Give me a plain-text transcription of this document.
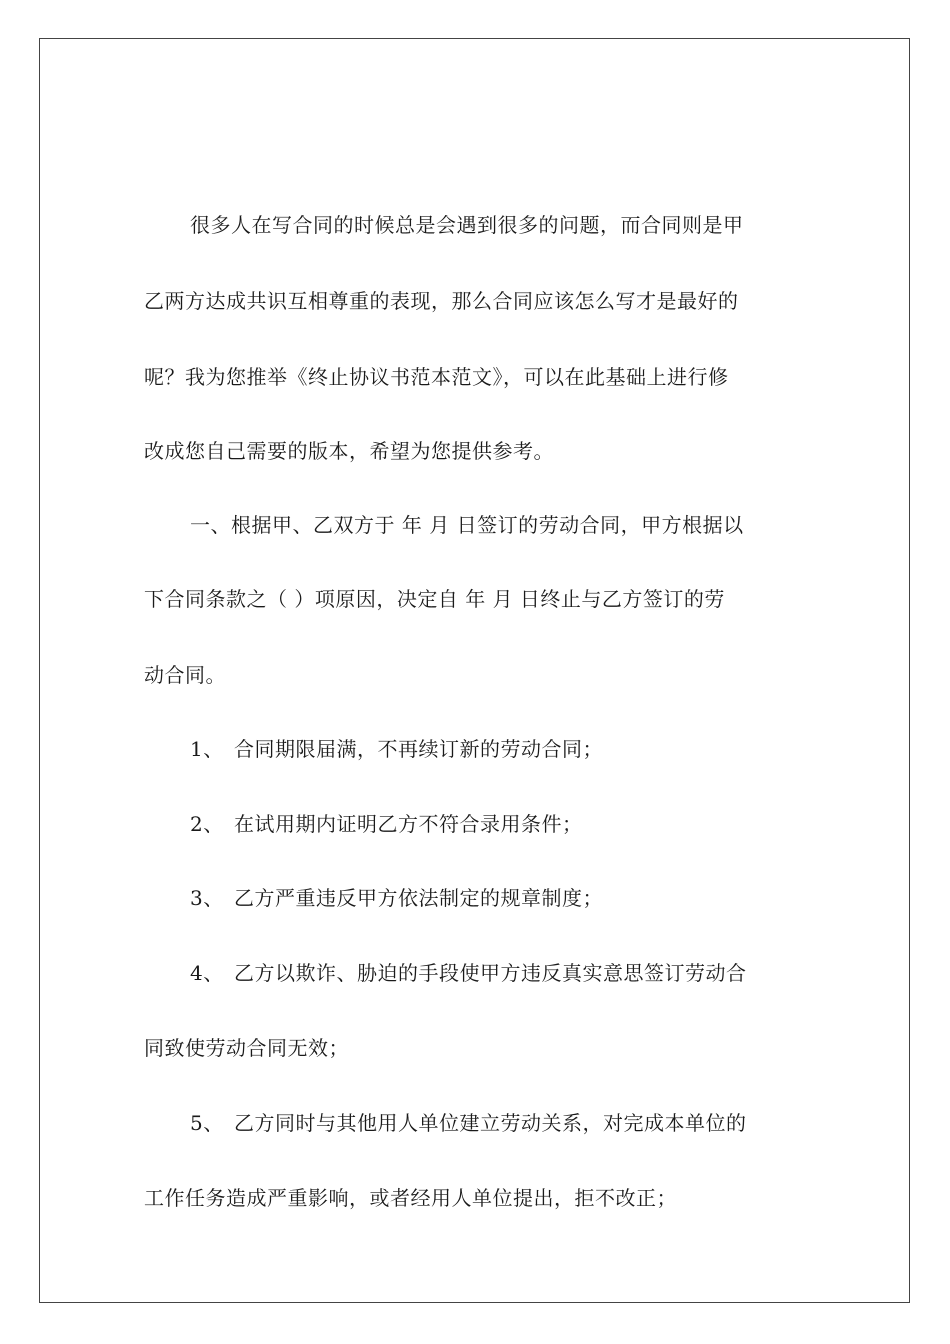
很多人在写合同的时候总是会遇到很多的问题，而合同则是甲
乙两方达成共识互相尊重的表现，那么合同应该怎么写才是最好的
呢？我为您推举《终止协议书范本范文》，可以在此基础上进行修
改成您自己需要的版本，希望为您提供参考。
一、根据甲、乙双方于 年 月 日签订的劳动合同，甲方根据以
下合同条款之（ ）项原因，决定自 年 月 日终止与乙方签订的劳
动合同。
1、 合同期限届满，不再续订新的劳动合同；
2、 在试用期内证明乙方不符合录用条件；
3、 乙方严重违反甲方依法制定的规章制度；
4、 乙方以欺诈、胁迫的手段使甲方违反真实意思签订劳动合
同致使劳动合同无效；
5、 乙方同时与其他用人单位建立劳动关系，对完成本单位的
工作任务造成严重影响，或者经用人单位提出，拒不改正；
